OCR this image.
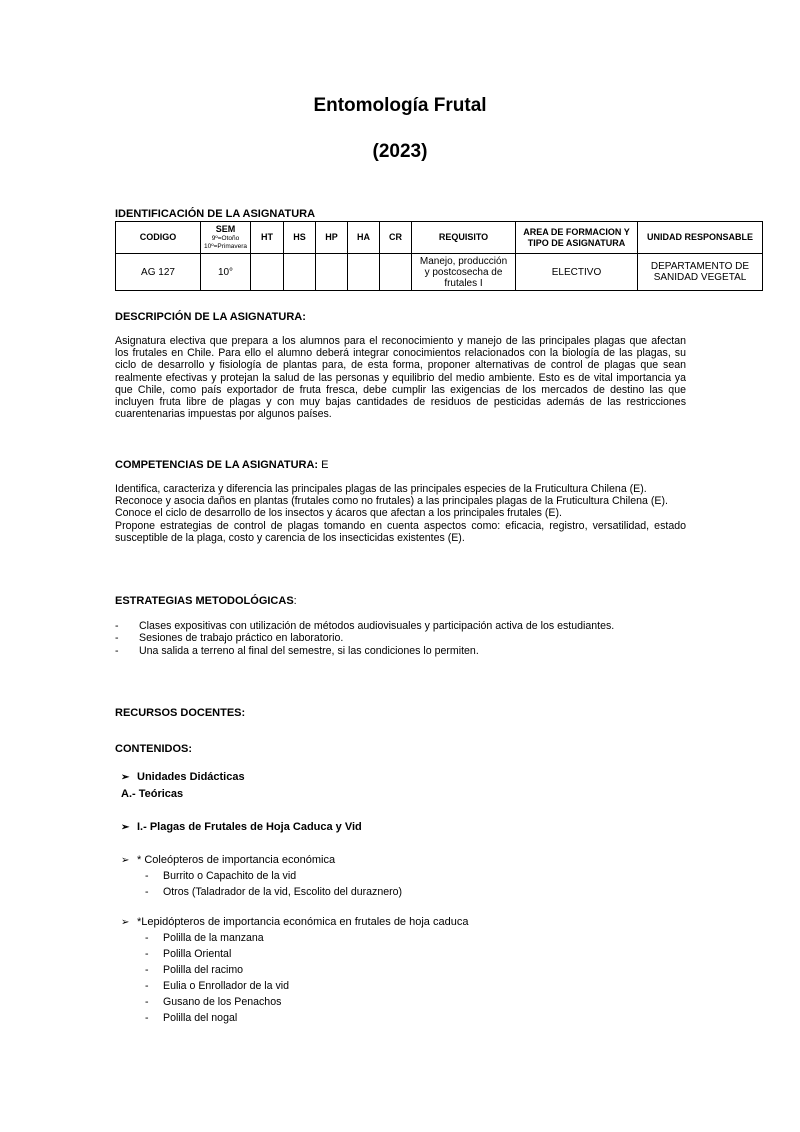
Entomología Frutal
(2023)
IDENTIFICACIÓN DE LA ASIGNATURA
CODIGO	SEM
9º=Otoño
10º=Primavera	HT	HS	HP	HA	CR	REQUISITO	AREA DE FORMACION Y
TIPO DE ASIGNATURA	UNIDAD RESPONSABLE
AG 127	10°						Manejo, producción
y postcosecha de
frutales I	ELECTIVO	DEPARTAMENTO DE
SANIDAD VEGETAL
DESCRIPCIÓN DE LA ASIGNATURA:
Asignatura electiva que prepara a los alumnos para el reconocimiento y manejo de las principales plagas que afectan
los frutales en Chile. Para ello el alumno deberá integrar conocimientos relacionados con la biología de las plagas, su
ciclo de desarrollo y fisiología de plantas para, de esta forma, proponer alternativas de control de plagas que sean
realmente efectivas y protejan la salud de las personas y equilibrio del medio ambiente. Esto es de vital importancia ya
que Chile, como país exportador de fruta fresca, debe cumplir las exigencias de los mercados de destino las que
incluyen fruta libre de plagas y con muy bajas cantidades de residuos de pesticidas además de las restricciones
cuarentenarias impuestas por algunos países.
COMPETENCIAS DE LA ASIGNATURA: E
Identifica, caracteriza y diferencia las principales plagas de las principales especies de la Fruticultura Chilena (E).
Reconoce y asocia daños en plantas (frutales como no frutales) a las principales plagas de la Fruticultura Chilena (E).
Conoce el ciclo de desarrollo de los insectos y ácaros que afectan a los principales frutales (E).
Propone estrategias de control de plagas tomando en cuenta aspectos como: eficacia, registro, versatilidad, estado
susceptible de la plaga, costo y carencia de los insecticidas existentes (E).
ESTRATEGIAS METODOLÓGICAS:
- Clases expositivas con utilización de métodos audiovisuales y participación activa de los estudiantes.
- Sesiones de trabajo práctico en laboratorio.
- Una salida a terreno al final del semestre, si las condiciones lo permiten.
RECURSOS DOCENTES:
CONTENIDOS:
➢ Unidades Didácticas
A.- Teóricas
➢ I.- Plagas de Frutales de Hoja Caduca y Vid
➢ * Coleópteros de importancia económica
- Burrito o Capachito de la vid
- Otros (Taladrador de la vid, Escolito del duraznero)
➢ *Lepidópteros de importancia económica en frutales de hoja caduca
- Polilla de la manzana
- Polilla Oriental
- Polilla del racimo
- Eulia o Enrollador de la vid
- Gusano de los Penachos
- Polilla del nogal
